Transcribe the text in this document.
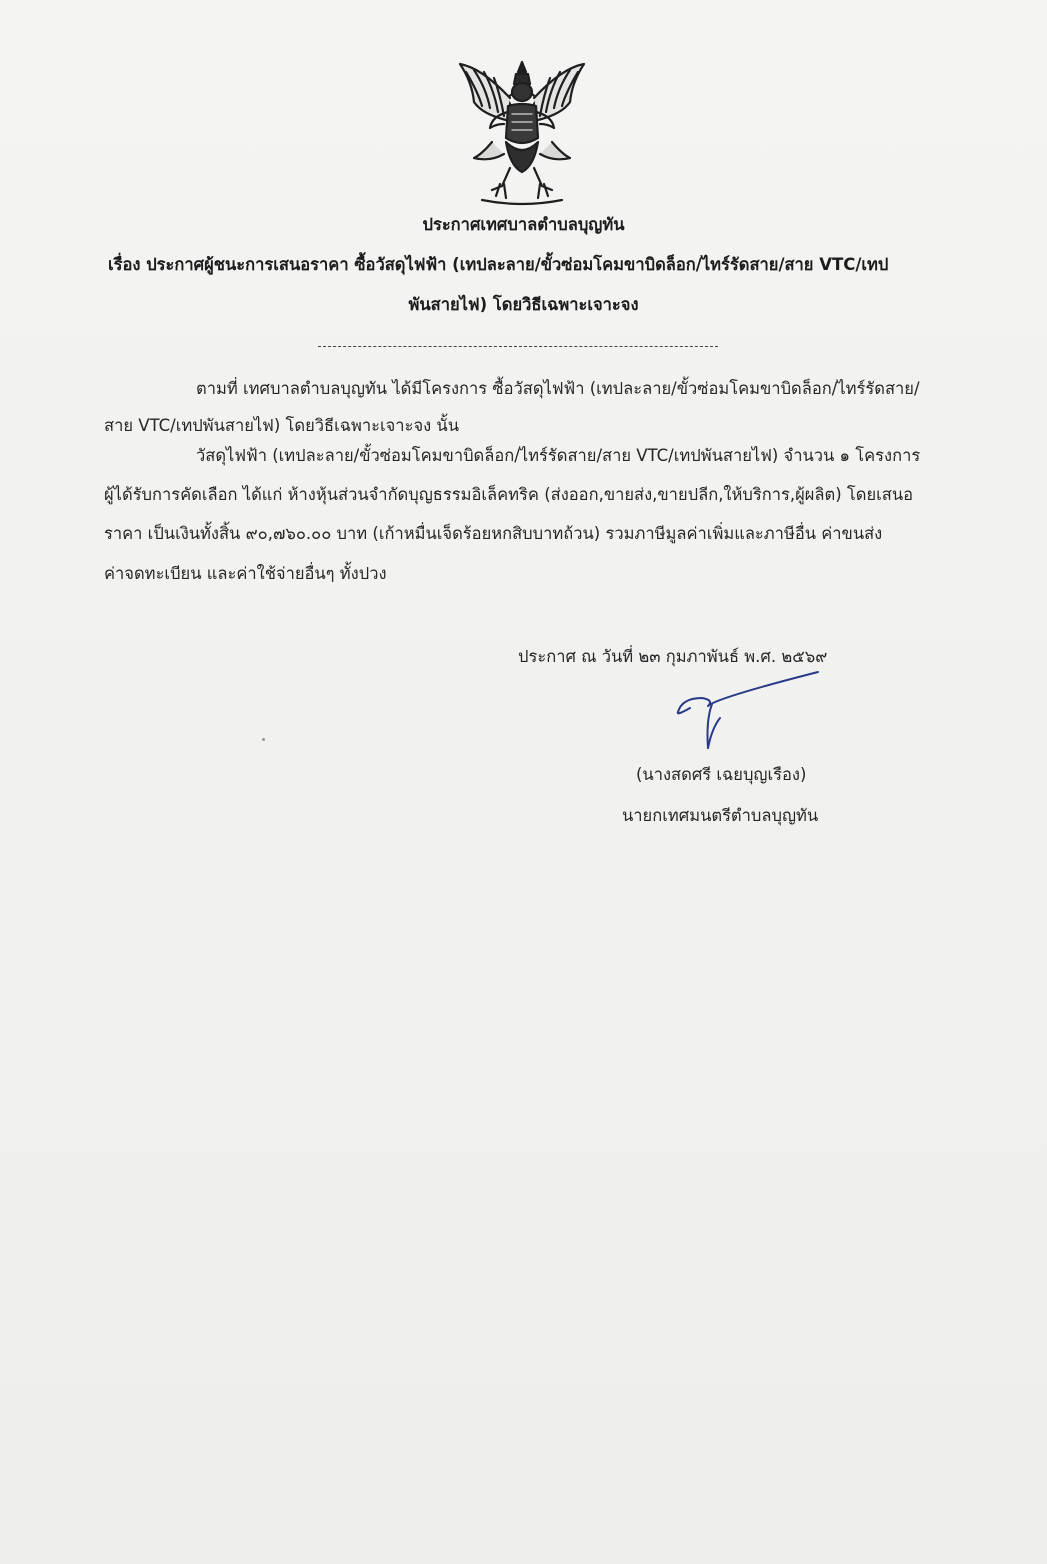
ประกาศเทศบาลตำบลบุญทัน
เรื่อง ประกาศผู้ชนะการเสนอราคา ซื้อวัสดุไฟฟ้า (เทปละลาย/ขั้วซ่อมโคมขาบิดล็อก/ไทร์รัดสาย/สาย VTC/เทป
พันสายไฟ) โดยวิธีเฉพาะเจาะจง
ตามที่ เทศบาลตำบลบุญทัน ได้มีโครงการ ซื้อวัสดุไฟฟ้า (เทปละลาย/ขั้วซ่อมโคมขาบิดล็อก/ไทร์รัดสาย/
สาย VTC/เทปพันสายไฟ) โดยวิธีเฉพาะเจาะจง นั้น
วัสดุไฟฟ้า (เทปละลาย/ขั้วซ่อมโคมขาบิดล็อก/ไทร์รัดสาย/สาย VTC/เทปพันสายไฟ) จำนวน ๑ โครงการ
ผู้ได้รับการคัดเลือก ได้แก่ ห้างหุ้นส่วนจำกัดบุญธรรมอิเล็คทริค (ส่งออก,ขายส่ง,ขายปลีก,ให้บริการ,ผู้ผลิต) โดยเสนอ
ราคา เป็นเงินทั้งสิ้น ๙๐,๗๖๐.๐๐ บาท (เก้าหมื่นเจ็ดร้อยหกสิบบาทถ้วน) รวมภาษีมูลค่าเพิ่มและภาษีอื่น ค่าขนส่ง
ค่าจดทะเบียน และค่าใช้จ่ายอื่นๆ ทั้งปวง
ประกาศ ณ วันที่ ๒๓ กุมภาพันธ์ พ.ศ. ๒๕๖๙
(นางสดศรี เฉยบุญเรือง)
นายกเทศมนตรีตำบลบุญทัน
